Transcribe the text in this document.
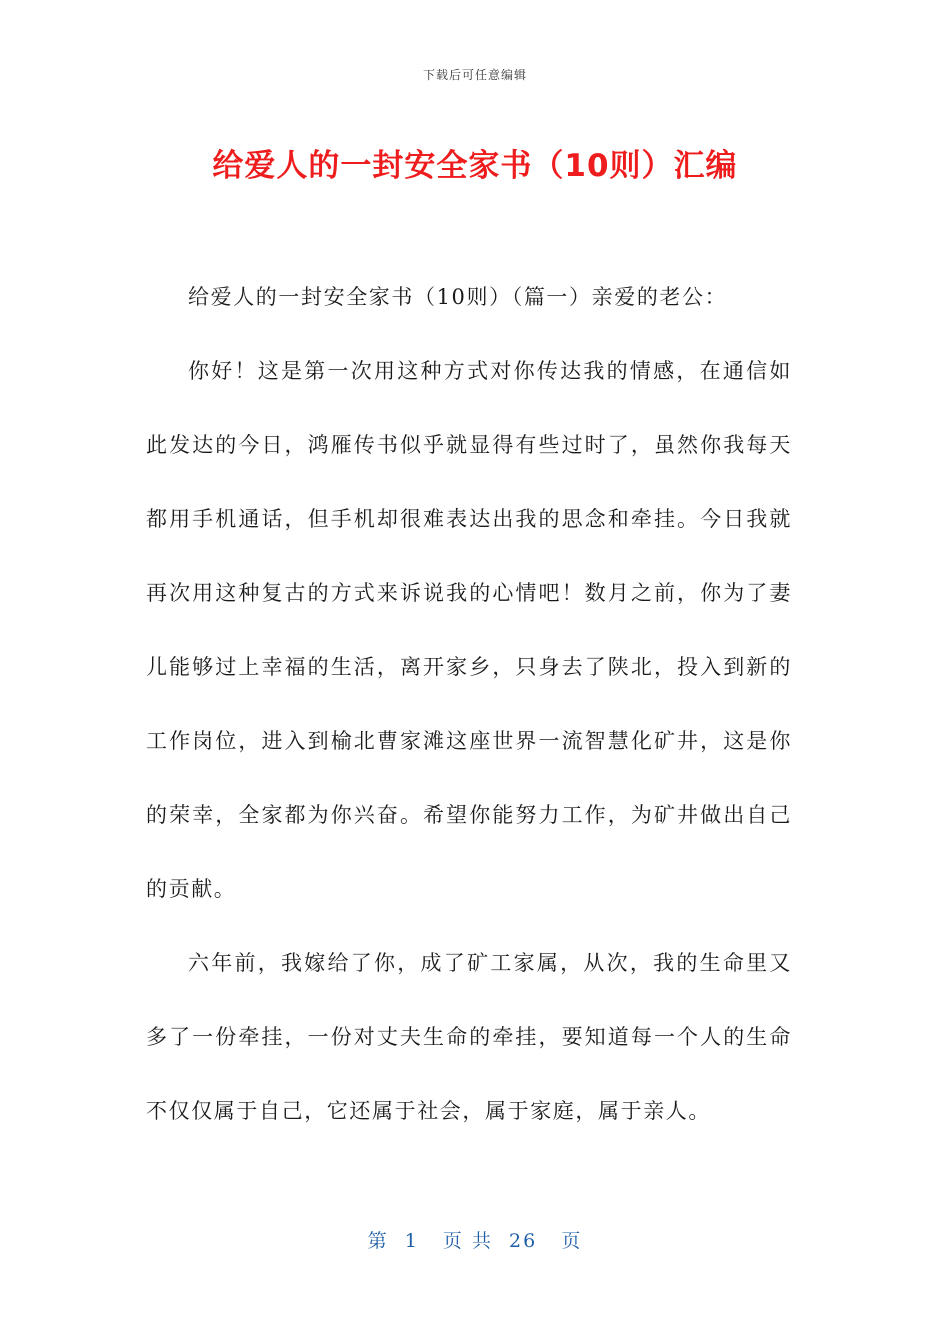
下载后可任意编辑
给爱人的一封安全家书（10则）汇编

给爱人的一封安全家书（10则）（篇一）亲爱的老公：

你好！这是第一次用这种方式对你传达我的情感，在通信如此发达的今日，鸿雁传书似乎就显得有些过时了，虽然你我每天都用手机通话，但手机却很难表达出我的思念和牵挂。今日我就再次用这种复古的方式来诉说我的心情吧！数月之前，你为了妻儿能够过上幸福的生活，离开家乡，只身去了陕北，投入到新的工作岗位，进入到榆北曹家滩这座世界一流智慧化矿井，这是你的荣幸，全家都为你兴奋。希望你能努力工作，为矿井做出自己的贡献。

六年前，我嫁给了你，成了矿工家属，从次，我的生命里又多了一份牵挂，一份对丈夫生命的牵挂，要知道每一个人的生命不仅仅属于自己，它还属于社会，属于家庭，属于亲人。

第  1   页 共  26   页
